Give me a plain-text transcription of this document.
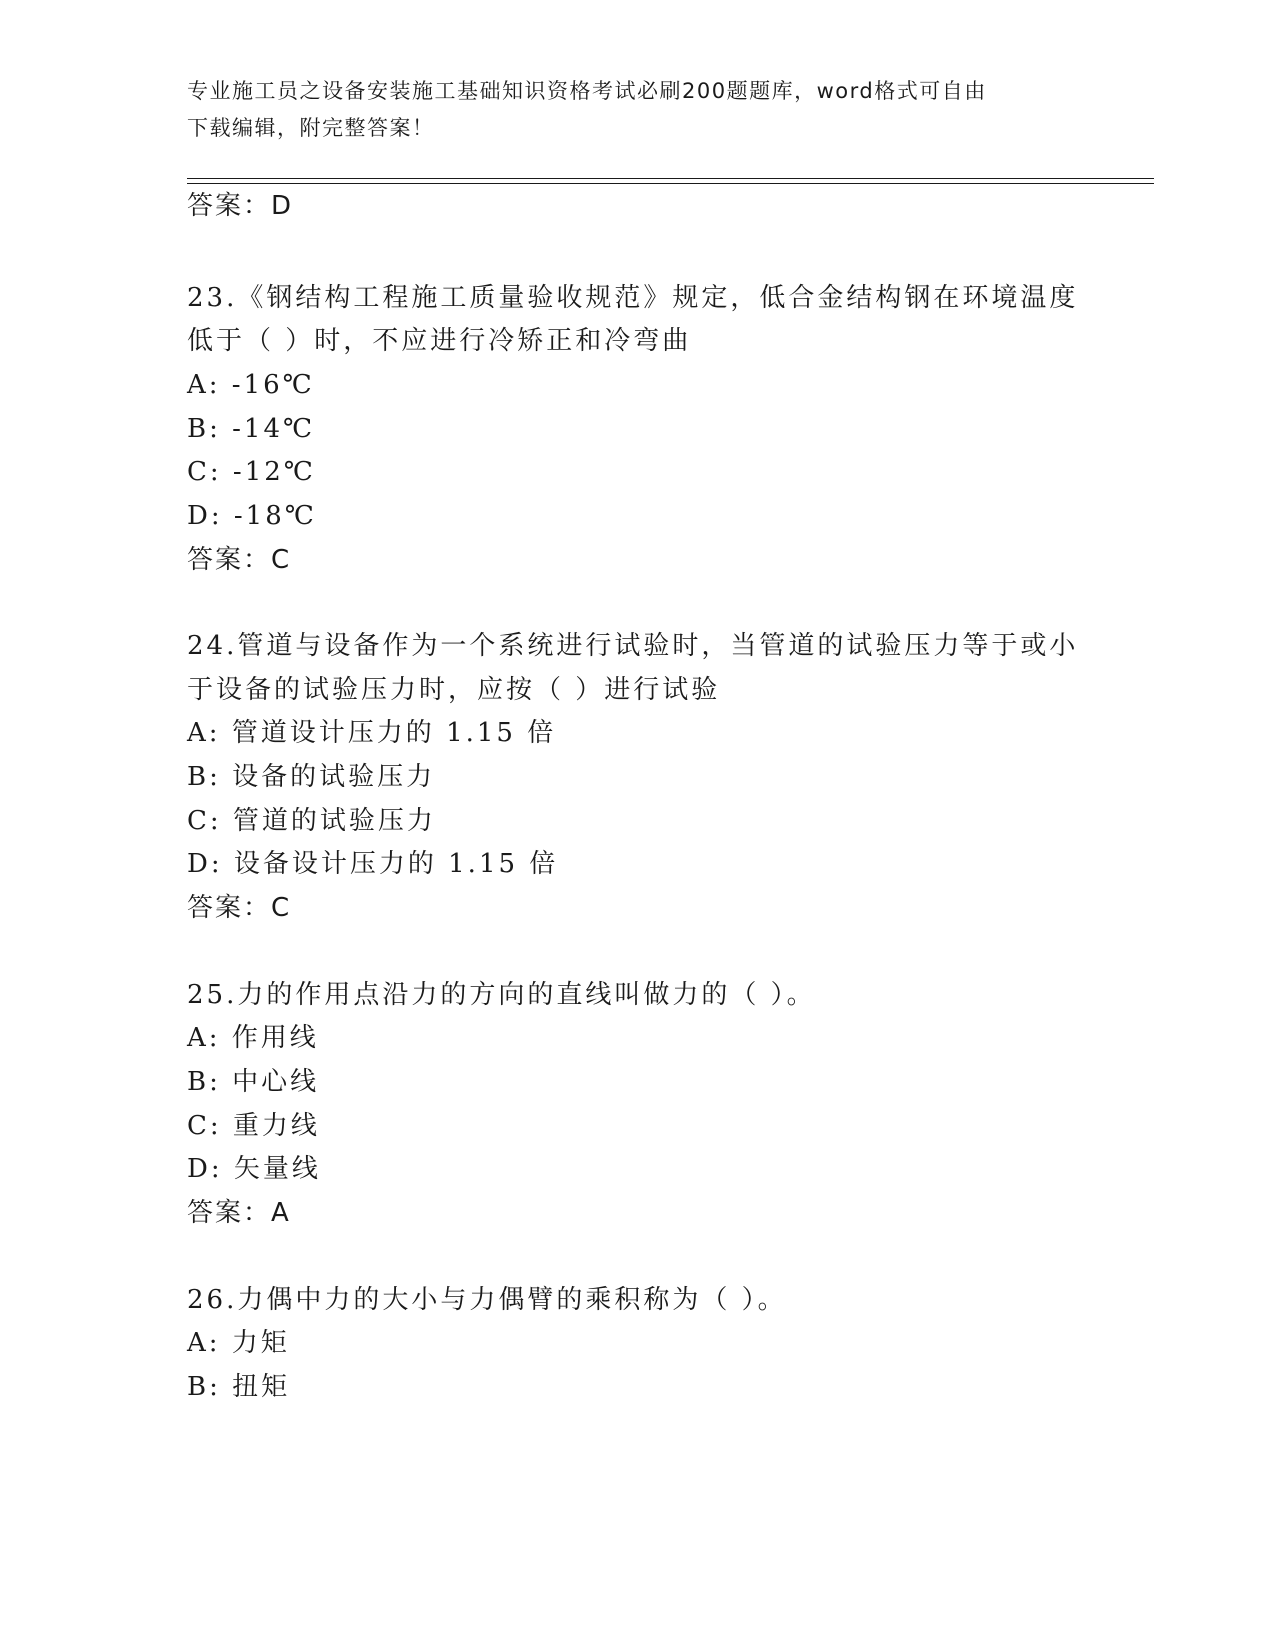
专业施工员之设备安装施工基础知识资格考试必刷200题题库，word格式可自由
下载编辑，附完整答案！
答案：D
23.《钢结构工程施工质量验收规范》规定，低合金结构钢在环境温度
低于（ ）时，不应进行冷矫正和冷弯曲
A: -16℃
B: -14℃
C: -12℃
D: -18℃
答案：C
24.管道与设备作为一个系统进行试验时，当管道的试验压力等于或小
于设备的试验压力时，应按（ ）进行试验
A: 管道设计压力的 1.15 倍
B: 设备的试验压力
C: 管道的试验压力
D: 设备设计压力的 1.15 倍
答案：C
25.力的作用点沿力的方向的直线叫做力的（ ）。
A: 作用线
B: 中心线
C: 重力线
D: 矢量线
答案：A
26.力偶中力的大小与力偶臂的乘积称为（ ）。
A: 力矩
B: 扭矩
